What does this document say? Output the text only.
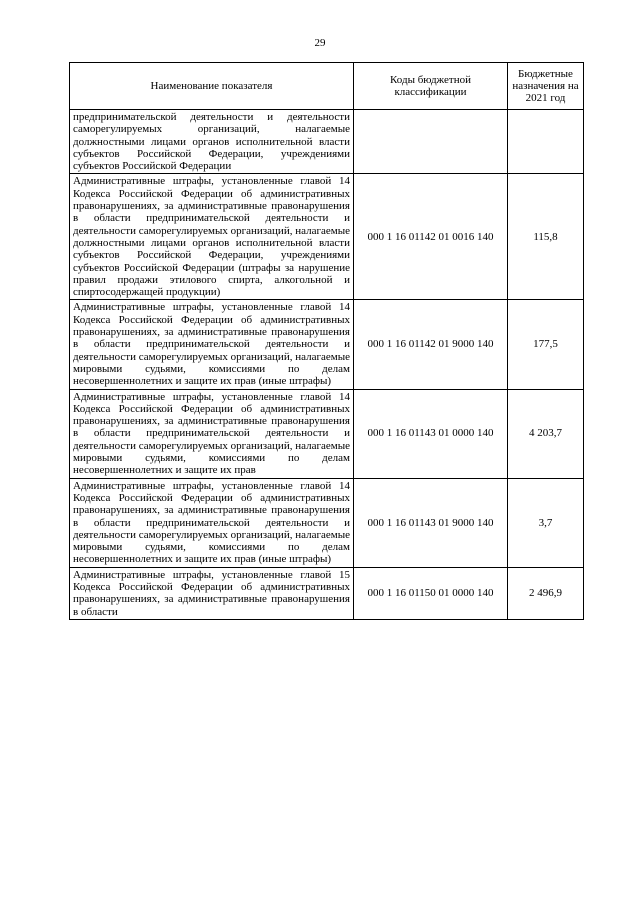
29
Наименование показателя	Коды бюджетной классификации	Бюджетные назначения на 2021 год
предпринимательской деятельности и деятельности саморегулируемых организаций, налагаемые должностными лицами органов исполнительной власти субъектов Российской Федерации, учреждениями субъектов Российской Федерации		
Административные штрафы, установленные главой 14 Кодекса Российской Федерации об административных правонарушениях, за административные правонарушения в области предпринимательской деятельности и деятельности саморегулируемых организаций, налагаемые должностными лицами органов исполнительной власти субъектов Российской Федерации, учреждениями субъектов Российской Федерации (штрафы за нарушение правил продажи этилового спирта, алкогольной и спиртосодержащей продукции)	000 1 16 01142 01 0016 140	115,8
Административные штрафы, установленные главой 14 Кодекса Российской Федерации об административных правонарушениях, за административные правонарушения в области предпринимательской деятельности и деятельности саморегулируемых организаций, налагаемые мировыми судьями, комиссиями по делам несовершеннолетних и защите их прав (иные штрафы)	000 1 16 01142 01 9000 140	177,5
Административные штрафы, установленные главой 14 Кодекса Российской Федерации об административных правонарушениях, за административные правонарушения в области предпринимательской деятельности и деятельности саморегулируемых организаций, налагаемые мировыми судьями, комиссиями по делам несовершеннолетних и защите их прав	000 1 16 01143 01 0000 140	4 203,7
Административные штрафы, установленные главой 14 Кодекса Российской Федерации об административных правонарушениях, за административные правонарушения в области предпринимательской деятельности и деятельности саморегулируемых организаций, налагаемые мировыми судьями, комиссиями по делам несовершеннолетних и защите их прав (иные штрафы)	000 1 16 01143 01 9000 140	3,7
Административные штрафы, установленные главой 15 Кодекса Российской Федерации об административных правонарушениях, за административные правонарушения в области	000 1 16 01150 01 0000 140	2 496,9
